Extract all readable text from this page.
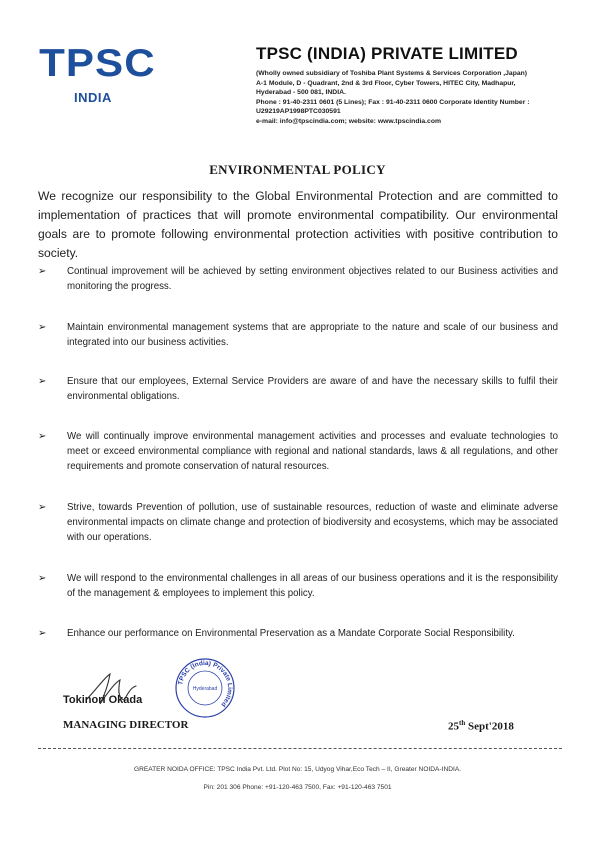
TPSC
INDIA
TPSC (INDIA) PRIVATE LIMITED
(Wholly owned subsidiary of Toshiba Plant Systems & Services Corporation ,Japan)
A-1 Module, D - Quadrant, 2nd & 3rd Floor, Cyber Towers, HITEC City, Madhapur,
Hyderabad - 500 081, INDIA.
Phone : 91-40-2311 0601 (5 Lines); Fax : 91-40-2311 0600 Corporate Identity Number :
U29219AP1998PTC030591
e-mail: info@tpscindia.com; website: www.tpscindia.com
ENVIRONMENTAL POLICY
We recognize our responsibility to the Global Environmental Protection and are committed to implementation of practices that will promote environmental compatibility. Our environmental goals are to promote following environmental protection activities with positive contribution to society.
➢ Continual improvement will be achieved by setting environment objectives related to our Business activities and monitoring the progress.
➢ Maintain environmental management systems that are appropriate to the nature and scale of our business and integrated into our business activities.
➢ Ensure that our employees, External Service Providers are aware of and have the necessary skills to fulfil their environmental obligations.
➢ We will continually improve environmental management activities and processes and evaluate technologies to meet or exceed environmental compliance with regional and national standards, laws & all regulations, and other requirements and promote conservation of natural resources.
➢ Strive, towards Prevention of pollution, use of sustainable resources, reduction of waste and eliminate adverse environmental impacts on climate change and protection of biodiversity and ecosystems, which may be associated with our operations.
➢ We will respond to the environmental challenges in all areas of our business operations and it is the responsibility of the management & employees to implement this policy.
➢ Enhance our performance on Environmental Preservation as a Mandate Corporate Social Responsibility.
TPSC (India) Private Limited
Hyderabad
Tokinori Okada
MANAGING DIRECTOR	25th Sept'2018
GREATER NOIDA OFFICE: TPSC India Pvt. Ltd. Plot No: 15, Udyog Vihar,Eco Tech – II, Greater NOIDA-INDIA.
Pin: 201 306 Phone: +91-120-463 7500, Fax: +91-120-463 7501
